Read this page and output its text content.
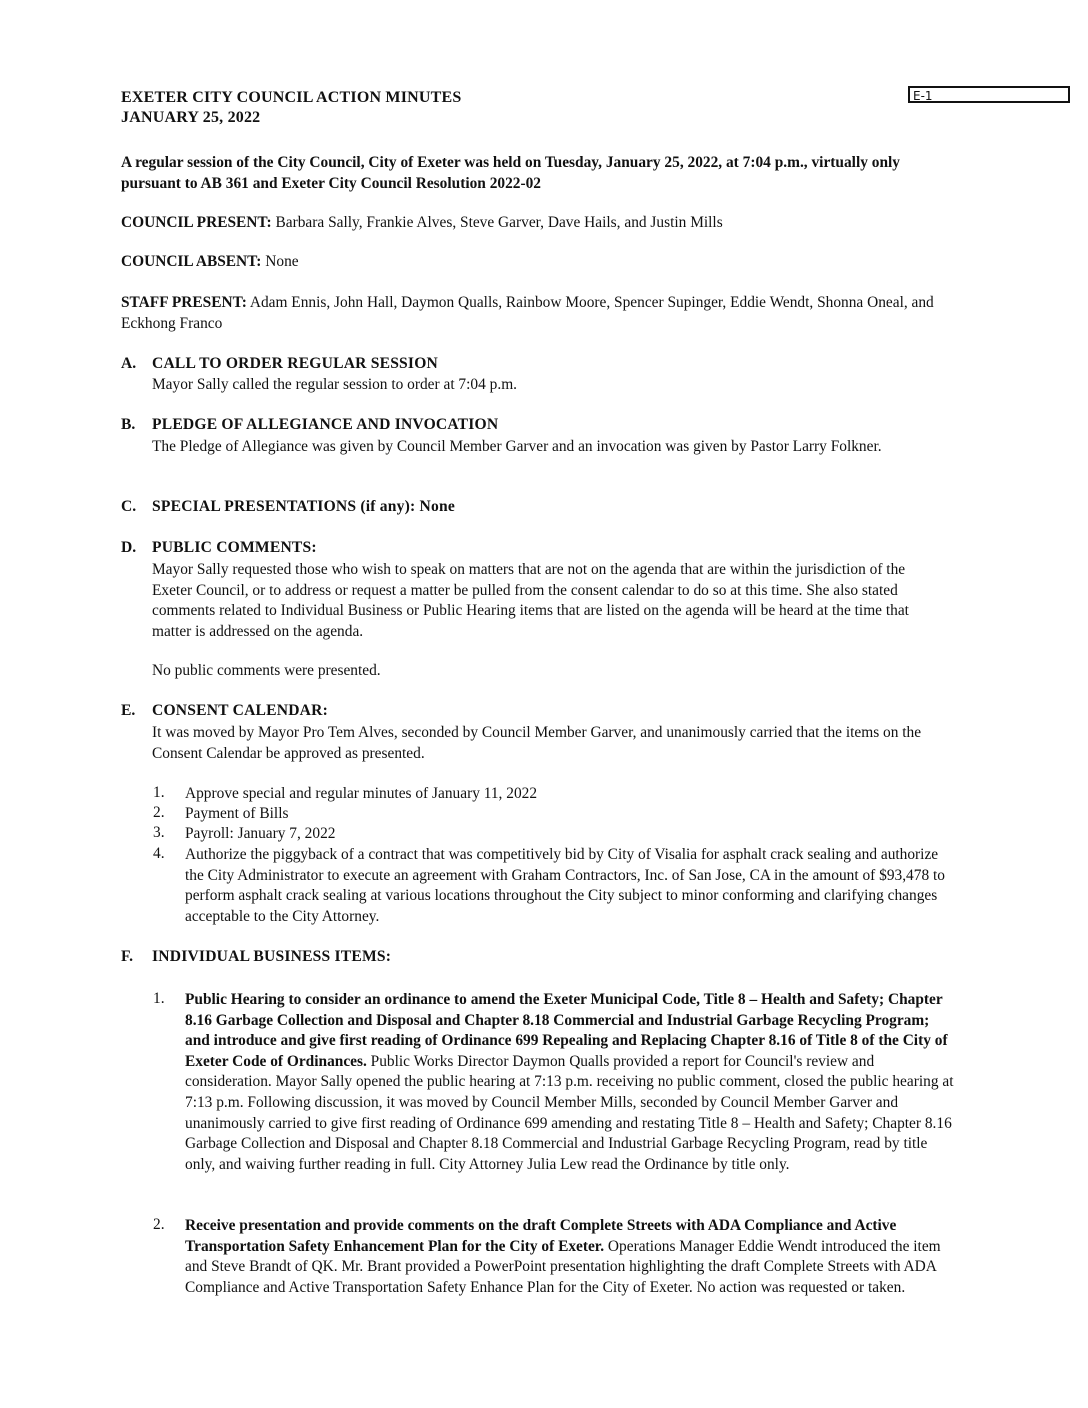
EXETER CITY COUNCIL ACTION MINUTES
JANUARY 25, 2022
E-1
A regular session of the City Council, City of Exeter was held on Tuesday, January 25, 2022, at 7:04 p.m., virtually only pursuant to AB 361 and Exeter City Council Resolution 2022-02
COUNCIL PRESENT: Barbara Sally, Frankie Alves, Steve Garver, Dave Hails, and Justin Mills
COUNCIL ABSENT: None
STAFF PRESENT: Adam Ennis, John Hall, Daymon Qualls, Rainbow Moore, Spencer Supinger, Eddie Wendt, Shonna Oneal, and Eckhong Franco
A. CALL TO ORDER REGULAR SESSION
Mayor Sally called the regular session to order at 7:04 p.m.
B. PLEDGE OF ALLEGIANCE AND INVOCATION
The Pledge of Allegiance was given by Council Member Garver and an invocation was given by Pastor Larry Folkner.
C. SPECIAL PRESENTATIONS (if any): None
D. PUBLIC COMMENTS:
Mayor Sally requested those who wish to speak on matters that are not on the agenda that are within the jurisdiction of the Exeter Council, or to address or request a matter be pulled from the consent calendar to do so at this time. She also stated comments related to Individual Business or Public Hearing items that are listed on the agenda will be heard at the time that matter is addressed on the agenda.
No public comments were presented.
E. CONSENT CALENDAR:
It was moved by Mayor Pro Tem Alves, seconded by Council Member Garver, and unanimously carried that the items on the Consent Calendar be approved as presented.
1. Approve special and regular minutes of January 11, 2022
2. Payment of Bills
3. Payroll: January 7, 2022
4. Authorize the piggyback of a contract that was competitively bid by City of Visalia for asphalt crack sealing and authorize the City Administrator to execute an agreement with Graham Contractors, Inc. of San Jose, CA in the amount of $93,478 to perform asphalt crack sealing at various locations throughout the City subject to minor conforming and clarifying changes acceptable to the City Attorney.
F. INDIVIDUAL BUSINESS ITEMS:
1. Public Hearing to consider an ordinance to amend the Exeter Municipal Code, Title 8 – Health and Safety; Chapter 8.16 Garbage Collection and Disposal and Chapter 8.18 Commercial and Industrial Garbage Recycling Program; and introduce and give first reading of Ordinance 699 Repealing and Replacing Chapter 8.16 of Title 8 of the City of Exeter Code of Ordinances. Public Works Director Daymon Qualls provided a report for Council's review and consideration. Mayor Sally opened the public hearing at 7:13 p.m. receiving no public comment, closed the public hearing at 7:13 p.m. Following discussion, it was moved by Council Member Mills, seconded by Council Member Garver and unanimously carried to give first reading of Ordinance 699 amending and restating Title 8 – Health and Safety; Chapter 8.16 Garbage Collection and Disposal and Chapter 8.18 Commercial and Industrial Garbage Recycling Program, read by title only, and waiving further reading in full. City Attorney Julia Lew read the Ordinance by title only.
2. Receive presentation and provide comments on the draft Complete Streets with ADA Compliance and Active Transportation Safety Enhancement Plan for the City of Exeter. Operations Manager Eddie Wendt introduced the item and Steve Brandt of QK. Mr. Brant provided a PowerPoint presentation highlighting the draft Complete Streets with ADA Compliance and Active Transportation Safety Enhance Plan for the City of Exeter. No action was requested or taken.
